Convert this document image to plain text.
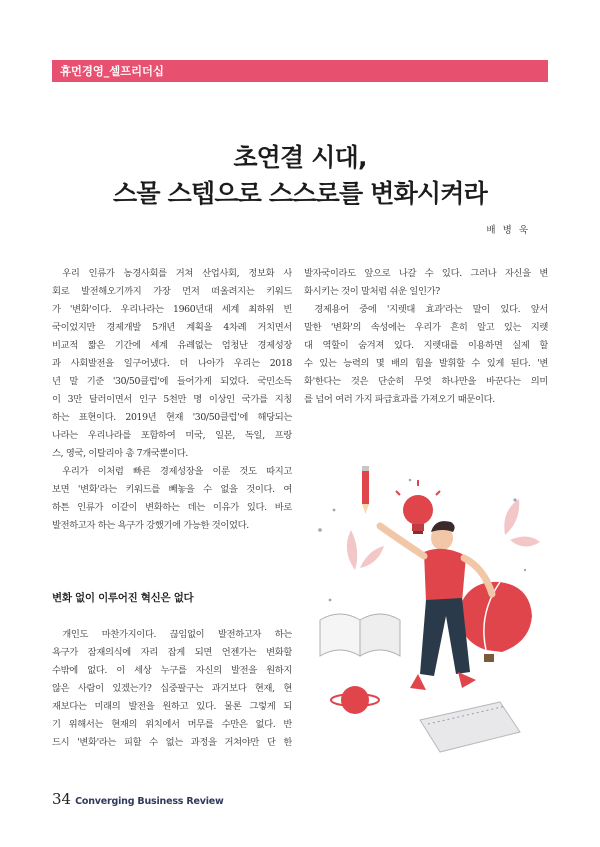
휴먼경영_셀프리더십
초연결 시대,
스몰 스텝으로 스스로를 변화시켜라
배 병 욱
우리 인류가 농경사회를 거쳐 산업사회, 정보화 사
회로 발전해오기까지 가장 먼저 떠올려지는 키워드
가 '변화'이다. 우리나라는 1960년대 세계 최하위 빈
국이었지만 경제개발 5개년 계획을 4차례 거치면서
비교적 짧은 기간에 세계 유례없는 엄청난 경제성장
과 사회발전을 일구어냈다. 더 나아가 우리는 2018
년 말 기준 '30/50클럽'에 들어가게 되었다. 국민소득
이 3만 달러이면서 인구 5천만 명 이상인 국가를 지칭
하는 표현이다. 2019년 현재 '30/50클럽'에 해당되는
나라는 우리나라를 포함하여 미국, 일본, 독일, 프랑
스, 영국, 이탈리아 총 7개국뿐이다.
우리가 이처럼 빠른 경제성장을 이룬 것도 따지고
보면 '변화'라는 키워드를 빼놓을 수 없을 것이다. 여
하튼 인류가 이같이 변화하는 데는 이유가 있다. 바로
발전하고자 하는 욕구가 강했기에 가능한 것이었다.
변화 없이 이루어진 혁신은 없다
개인도 마찬가지이다. 끊임없이 발전하고자 하는
욕구가 잠재의식에 자리 잡게 되면 언젠가는 변화할
수밖에 없다. 이 세상 누구를 자신의 발전을 원하지
않은 사람이 있겠는가? 십중팔구는 과거보다 현재, 현
재보다는 미래의 발전을 원하고 있다. 물론 그렇게 되
기 위해서는 현재의 위치에서 머무를 수만은 없다. 반
드시 '변화'라는 피할 수 없는 과정을 거쳐야만 단 한
발자국이라도 앞으로 나갈 수 있다. 그러나 자신을 변
화시키는 것이 말처럼 쉬운 일인가?
경제용어 중에 '지렛대 효과'라는 말이 있다. 앞서
말한 '변화'의 속성에는 우리가 흔히 알고 있는 지렛
대 역할이 숨겨져 있다. 지렛대를 이용하면 실제 할
수 있는 능력의 몇 배의 힘을 발휘할 수 있게 된다. '변
화'한다는 것은 단순히 무엇 하나만을 바꾼다는 의미
를 넘어 여러 가지 파급효과를 가져오기 때문이다.
34 Converging Business Review
